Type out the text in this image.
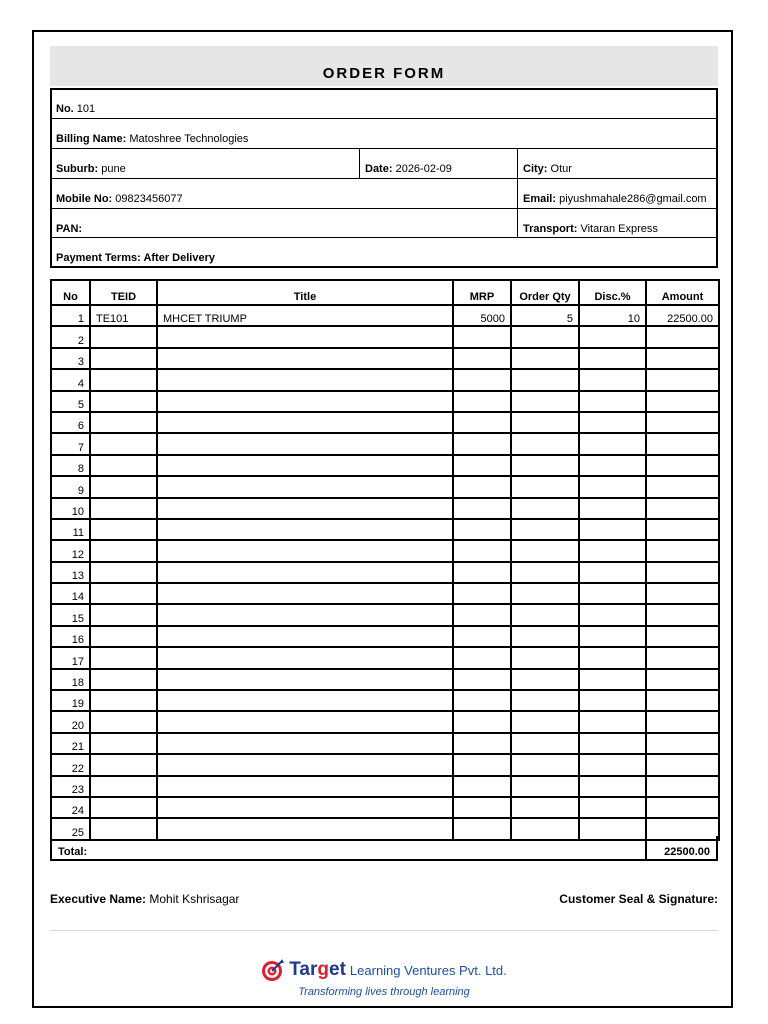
ORDER FORM
No. 101
Billing Name: Matoshree Technologies
Suburb: pune	Date: 2026-02-09	City: Otur
Mobile No: 09823456077	Email: piyushmahale286@gmail.com
PAN:	Transport: Vitaran Express
Payment Terms: After Delivery
No	TEID	Title	MRP	Order Qty	Disc.%	Amount
1	TE101	MHCET TRIUMP	5000	5	10	22500.00
2						
3						
4						
5						
6						
7						
8						
9						
10						
11						
12						
13						
14						
15						
16						
17						
18						
19						
20						
21						
22						
23						
24						
25						
Total:	22500.00
Executive Name: Mohit Kshrisagar	Customer Seal & Signature:
Target Learning Ventures Pvt. Ltd.
Transforming lives through learning
